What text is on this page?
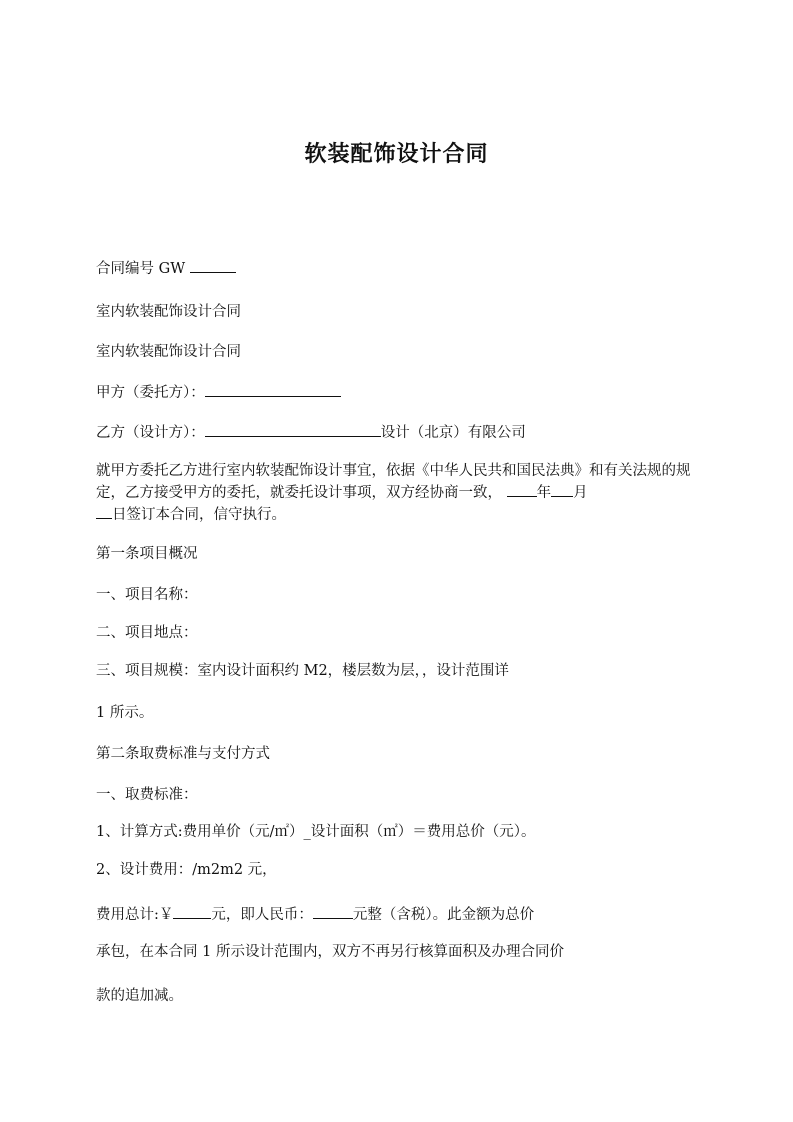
软装配饰设计合同
合同编号 GW
室内软装配饰设计合同
室内软装配饰设计合同
甲方（委托方）：
乙方（设计方）：	设计（北京）有限公司
就甲方委托乙方进行室内软装配饰设计事宜，依据《中华人民共和国民法典》和有关法规的规定，乙方接受甲方的委托，就委托设计事项，双方经协商一致， 年 月
日签订本合同，信守执行。
第一条项目概况
一、项目名称：
二、项目地点：
三、项目规模：室内设计面积约 M2，楼层数为层，，设计范围详
1 所示。
第二条取费标准与支付方式
一、取费标准：
1、计算方式:费用单价（元/㎡）_设计面积（㎡）＝费用总价（元）。
2、设计费用：/m2m2 元，
费用总计:￥	元，即人民币：	元整（含税）。此金额为总价
承包，在本合同 1 所示设计范围内，双方不再另行核算面积及办理合同价
款的追加减。
